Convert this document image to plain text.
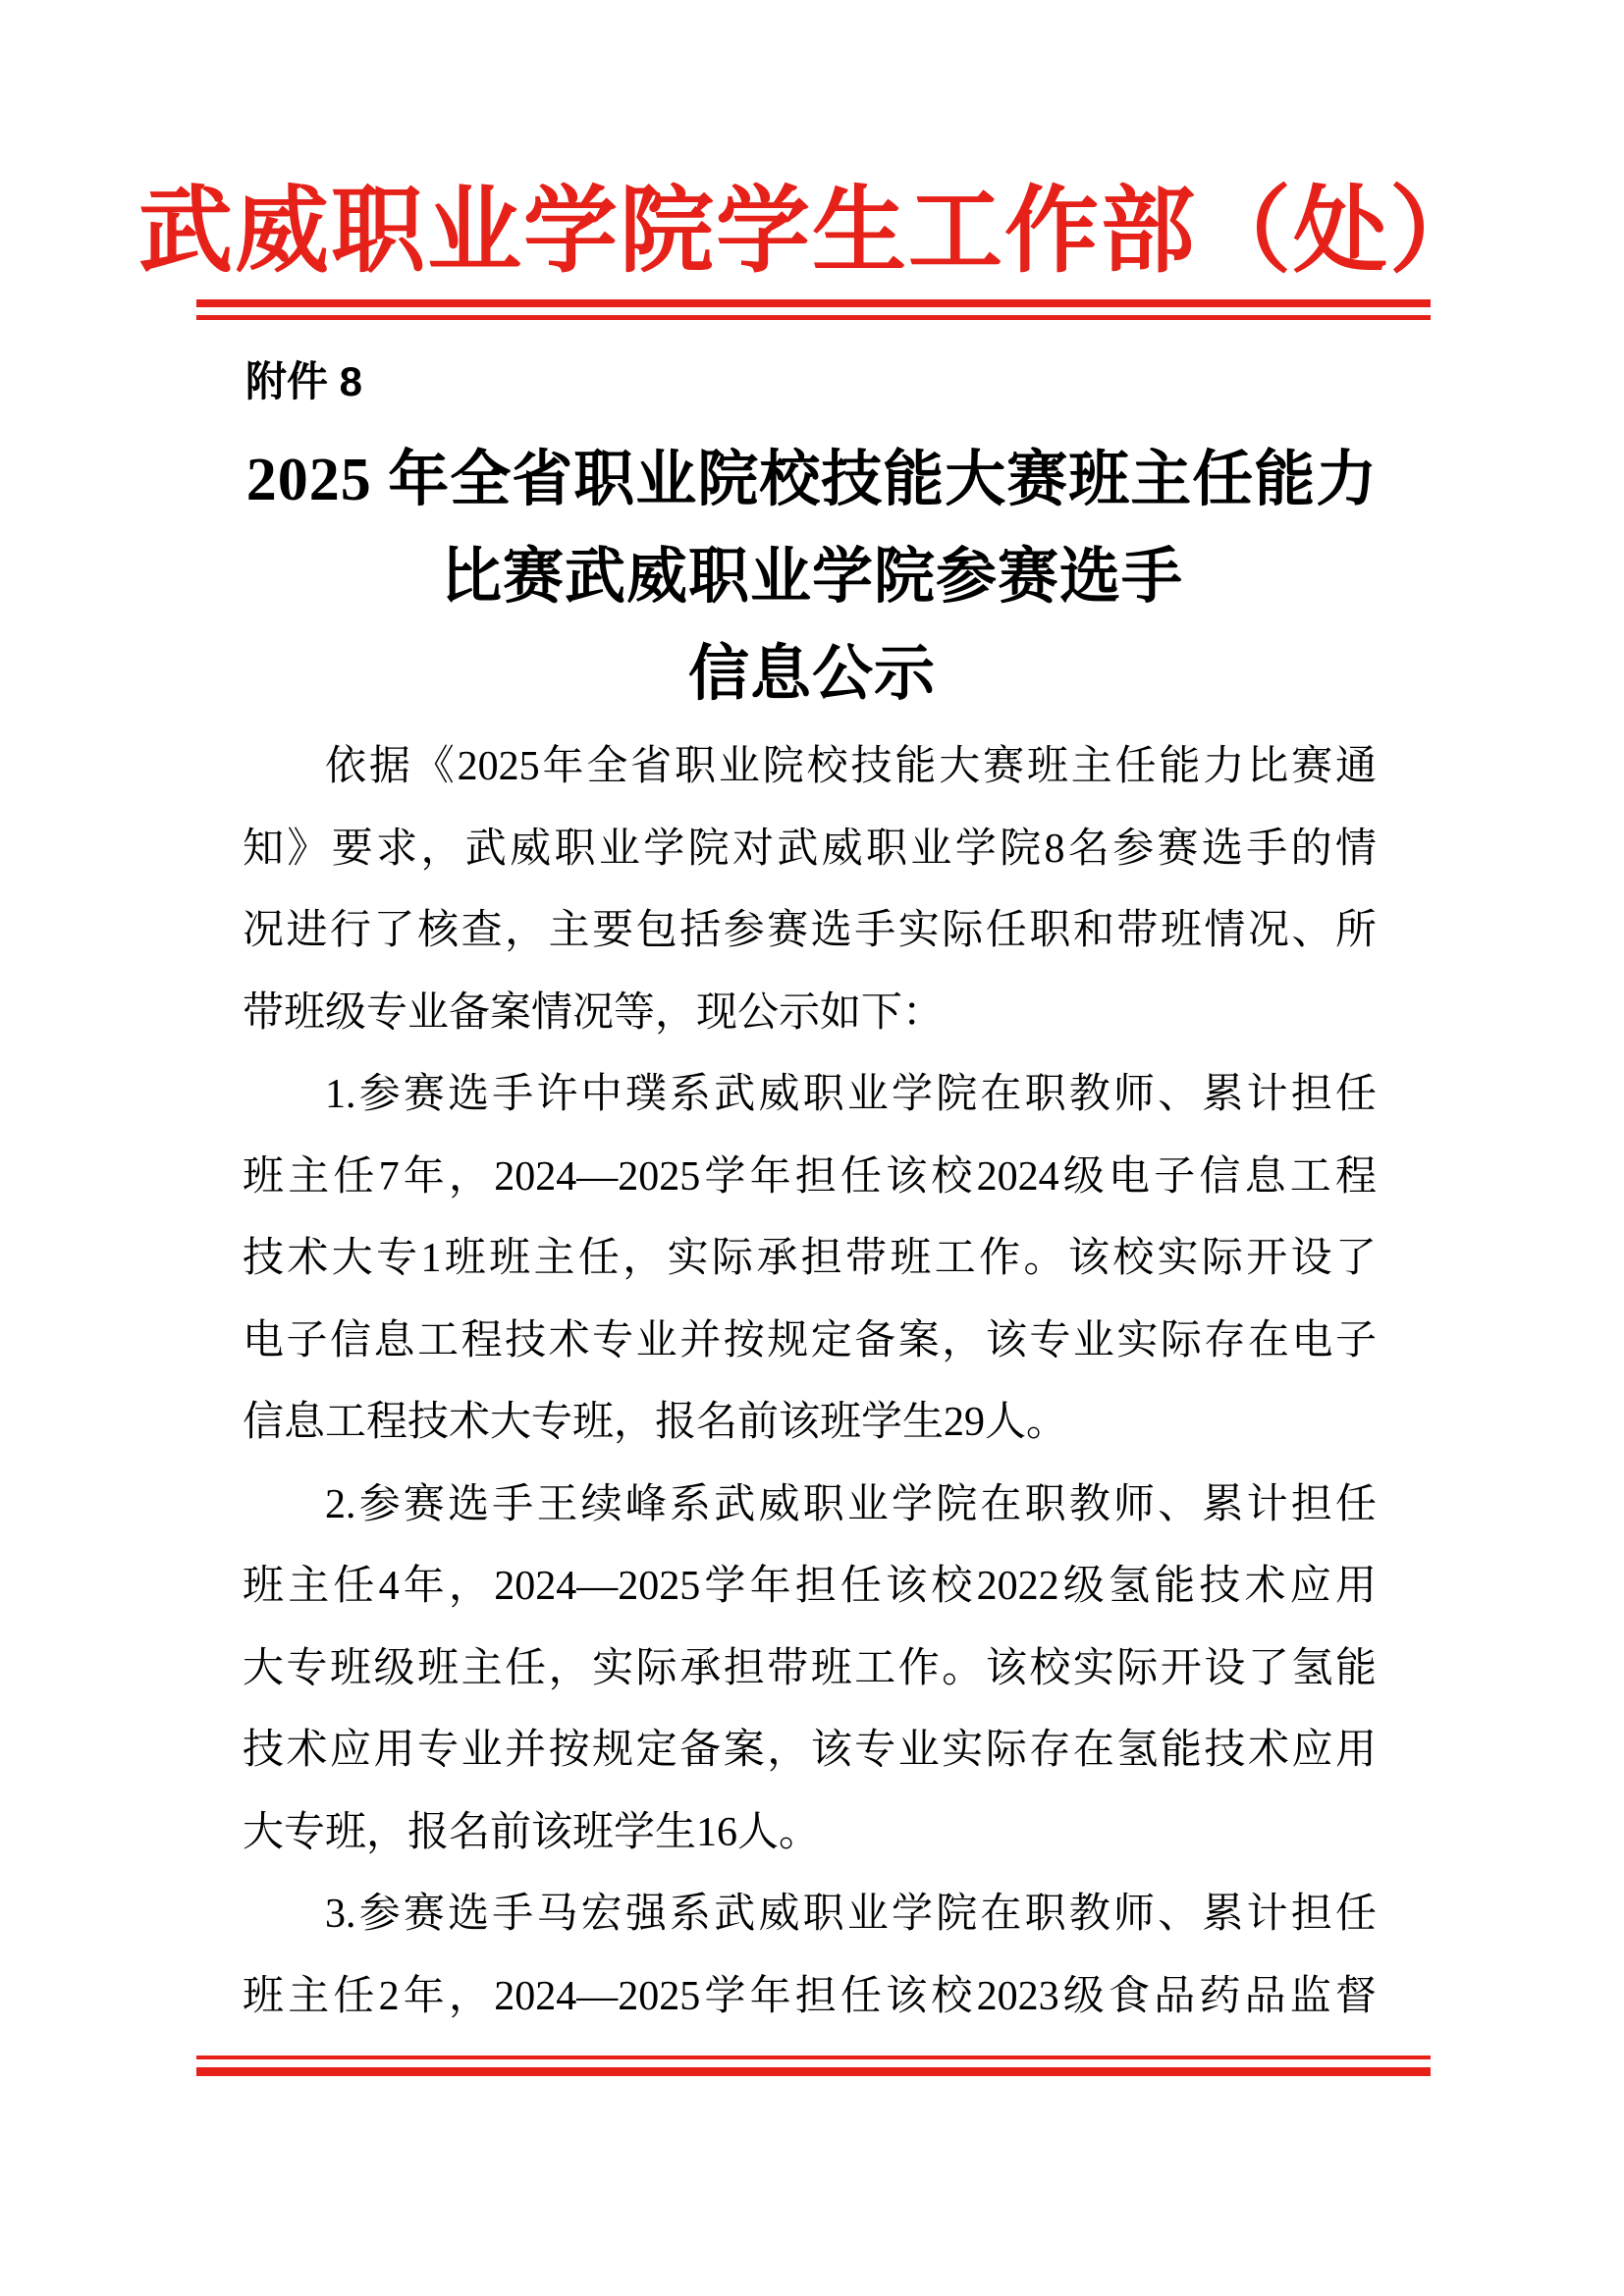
武威职业学院学生工作部（处）
附件 8
2025 年全省职业院校技能大赛班主任能力
比赛武威职业学院参赛选手
信息公示
依据《2025年全省职业院校技能大赛班主任能力比赛通
知》要求，武威职业学院对武威职业学院8名参赛选手的情
况进行了核查，主要包括参赛选手实际任职和带班情况、所
带班级专业备案情况等，现公示如下：
1.参赛选手许中璞系武威职业学院在职教师、累计担任
班主任7年，2024—2025学年担任该校2024级电子信息工程
技术大专1班班主任，实际承担带班工作。该校实际开设了
电子信息工程技术专业并按规定备案，该专业实际存在电子
信息工程技术大专班，报名前该班学生29人。
2.参赛选手王续峰系武威职业学院在职教师、累计担任
班主任4年，2024—2025学年担任该校2022级氢能技术应用
大专班级班主任，实际承担带班工作。该校实际开设了氢能
技术应用专业并按规定备案，该专业实际存在氢能技术应用
大专班，报名前该班学生16人。
3.参赛选手马宏强系武威职业学院在职教师、累计担任
班主任2年，2024—2025学年担任该校2023级食品药品监督
